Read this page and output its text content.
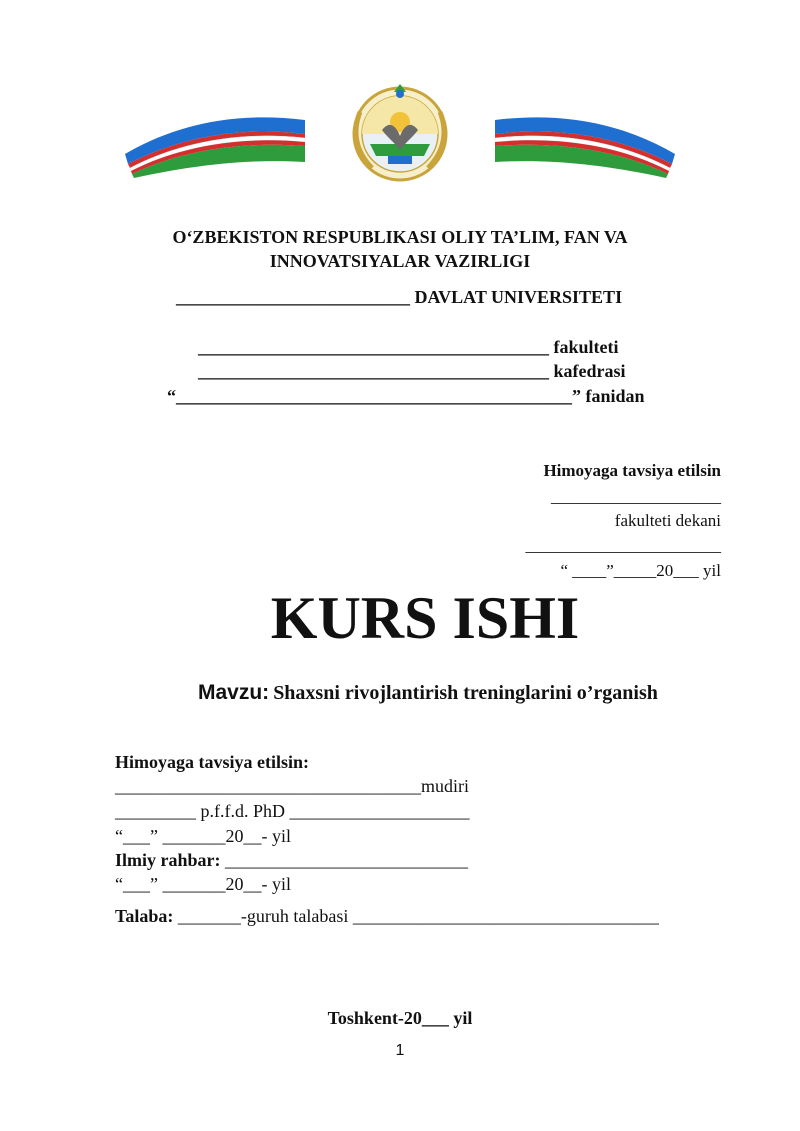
O‘ZBEKISTON RESPUBLIKASI OLIY TA’LIM, FAN VA
INNOVATSIYALAR VAZIRLIGI
__________________________ DAVLAT UNIVERSITETI
_______________________________________ fakulteti
_______________________________________ kafedrasi
“____________________________________________” fanidan
Himoyaga tavsiya etilsin
____________________
fakulteti dekani
_______________________
“ ____”_____20___ yil
KURS ISHI
Mavzu: Shaxsni rivojlantirish treninglarini o’rganish
Himoyaga tavsiya etilsin:
__________________________________mudiri
_________ p.f.f.d. PhD ____________________
“___” _______20__- yil
Ilmiy rahbar: ___________________________
“___” _______20__- yil
Talaba: _______-guruh talabasi __________________________________
Toshkent-20___ yil
1
